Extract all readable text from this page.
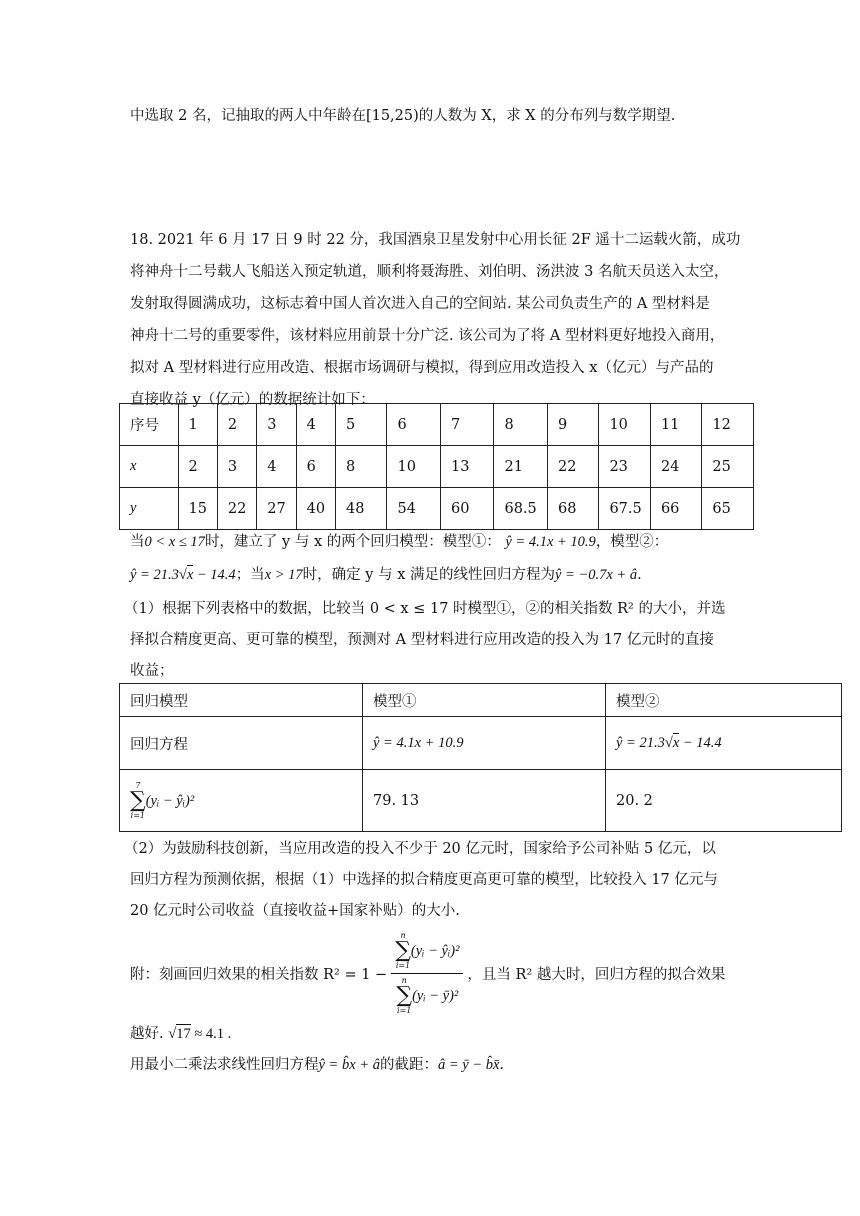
中选取 2 名，记抽取的两人中年龄在[15,25)的人数为 X，求 X 的分布列与数学期望.
18. 2021 年 6 月 17 日 9 时 22 分，我国酒泉卫星发射中心用长征 2F 遥十二运载火箭，成功
将神舟十二号载人飞船送入预定轨道，顺利将聂海胜、刘伯明、汤洪波 3 名航天员送入太空，
发射取得圆满成功，这标志着中国人首次进入自己的空间站. 某公司负责生产的 A 型材料是
神舟十二号的重要零件，该材料应用前景十分广泛. 该公司为了将 A 型材料更好地投入商用，
拟对 A 型材料进行应用改造、根据市场调研与模拟，得到应用改造投入 x（亿元）与产品的
直接收益 y（亿元）的数据统计如下：
序号	1	2	3	4	5	6	7	8	9	10	11	12
x	2	3	4	6	8	10	13	21	22	23	24	25
y	15	22	27	40	48	54	60	68.5	68	67.5	66	65
当0 < x ≤ 17时，建立了 y 与 x 的两个回归模型：模型①： ŷ = 4.1x + 10.9，模型②：
ŷ = 21.3√x − 14.4；当x > 17时，确定 y 与 x 满足的线性回归方程为ŷ = −0.7x + â.
（1）根据下列表格中的数据，比较当 0 < x ≤ 17 时模型①，②的相关指数 R² 的大小，并选
择拟合精度更高、更可靠的模型，预测对 A 型材料进行应用改造的投入为 17 亿元时的直接
收益；
回归模型	模型①	模型②
回归方程	ŷ = 4.1x + 10.9	ŷ = 21.3√x − 14.4

7
∑
i=1
(yᵢ − ŷᵢ)²	79. 13	20. 2
（2）为鼓励科技创新，当应用改造的投入不少于 20 亿元时，国家给予公司补贴 5 亿元，以
回归方程为预测依据，根据（1）中选择的拟合精度更高更可靠的模型，比较投入 17 亿元与
20 亿元时公司收益（直接收益+国家补贴）的大小.
附：刻画回归效果的相关指数 R² = 1 − n
∑
i=1
(yᵢ − ŷᵢ)²
n
∑
i=1
(yᵢ − ȳ)² ，且当 R² 越大时，回归方程的拟合效果
越好. √17 ≈ 4.1 .
用最小二乘法求线性回归方程ŷ = b̂x + â的截距：â = ȳ − b̂x̄.
